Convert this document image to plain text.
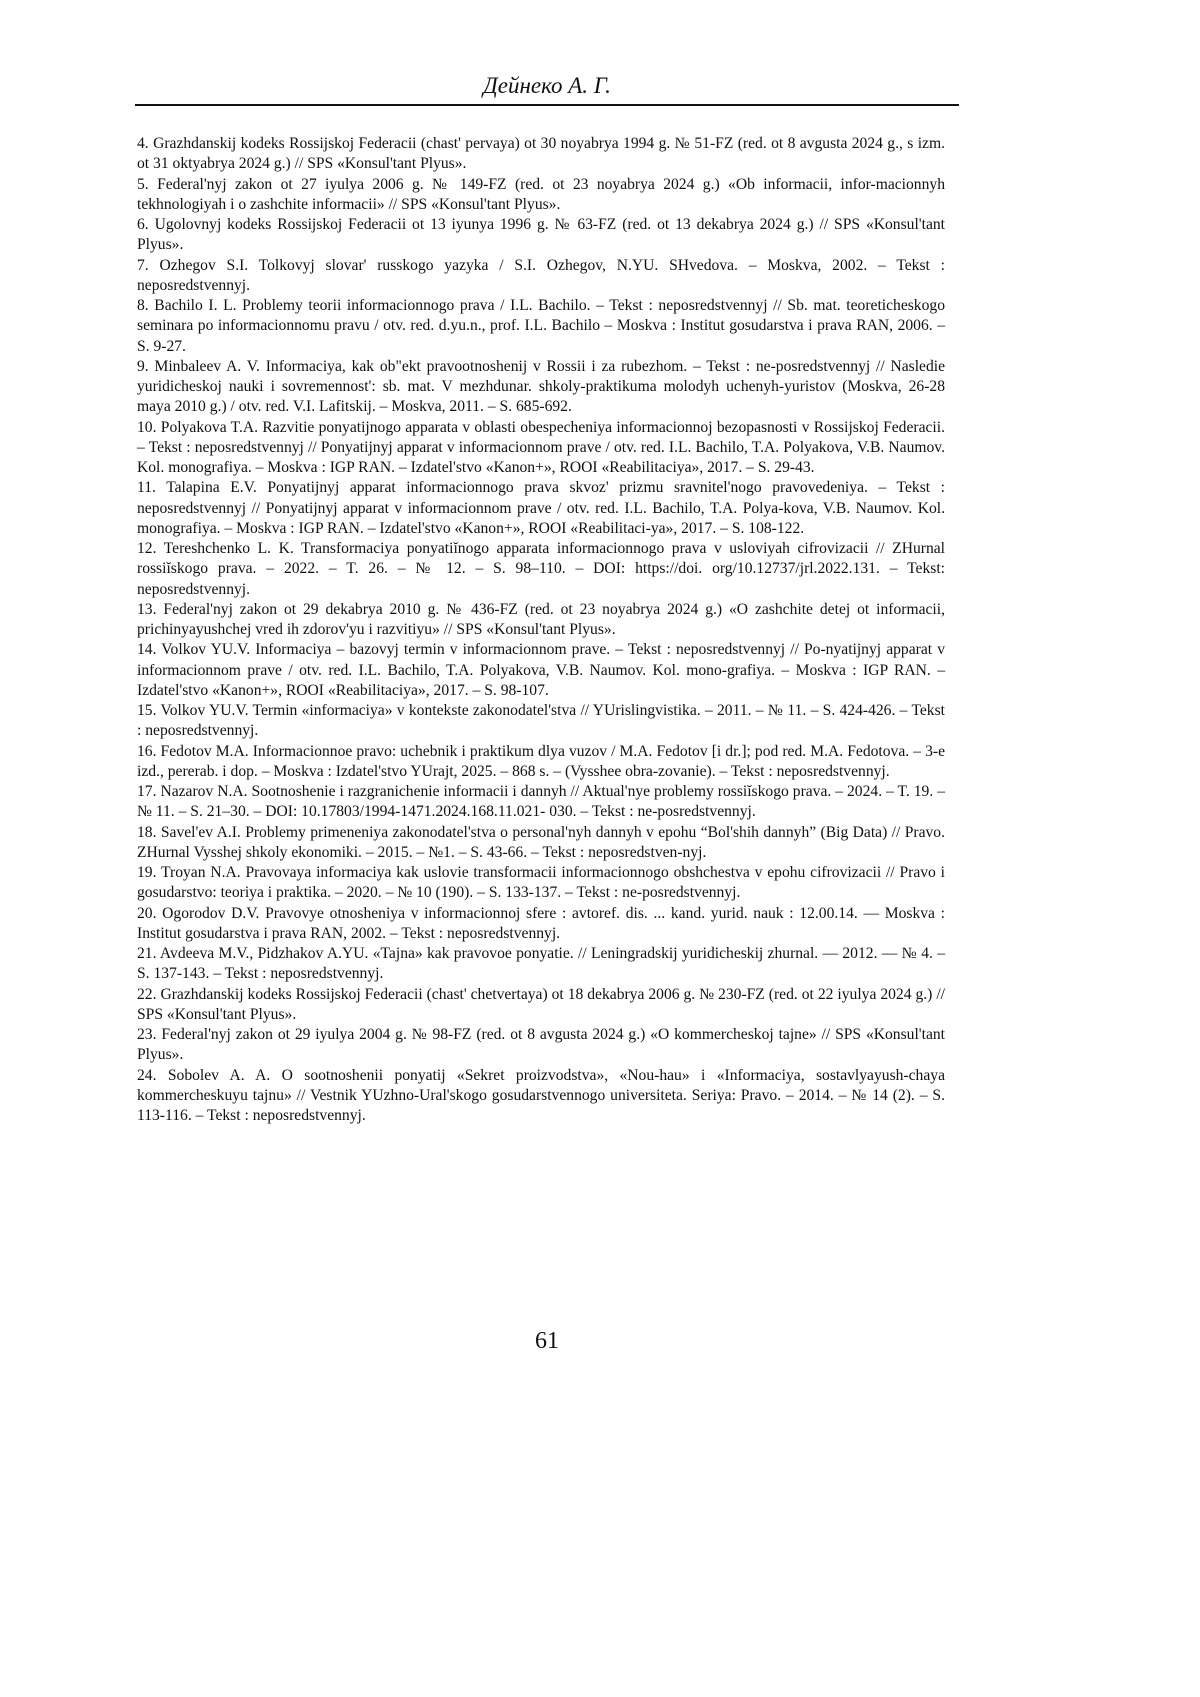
Дейнеко А. Г.
4. Grazhdanskij kodeks Rossijskoj Federacii (chast' pervaya) ot 30 noyabrya 1994 g. № 51-FZ (red. ot 8 avgusta 2024 g., s izm. ot 31 oktyabrya 2024 g.) // SPS «Konsul'tant Plyus».
5. Federal'nyj zakon ot 27 iyulya 2006 g. № 149-FZ (red. ot 23 noyabrya 2024 g.) «Ob informacii, infor-macionnyh tekhnologiyah i o zashchite informacii» // SPS «Konsul'tant Plyus».
6. Ugolovnyj kodeks Rossijskoj Federacii ot 13 iyunya 1996 g. № 63-FZ (red. ot 13 dekabrya 2024 g.) // SPS «Konsul'tant Plyus».
7. Ozhegov S.I. Tolkovyj slovar' russkogo yazyka / S.I. Ozhegov, N.YU. SHvedova. – Moskva, 2002. – Tekst : neposredstvennyj.
8. Bachilo I. L. Problemy teorii informacionnogo prava / I.L. Bachilo. – Tekst : neposredstvennyj // Sb. mat. teoreticheskogo seminara po informacionnomu pravu / otv. red. d.yu.n., prof. I.L. Bachilo – Moskva : Institut gosudarstva i prava RAN, 2006. – S. 9-27.
9. Minbaleev A. V. Informaciya, kak ob"ekt pravootnoshenij v Rossii i za rubezhom. – Tekst : ne-posredstvennyj // Nasledie yuridicheskoj nauki i sovremennost': sb. mat. V mezhdunar. shkoly-praktikuma molodyh uchenyh-yuristov (Moskva, 26-28 maya 2010 g.) / otv. red. V.I. Lafitskij. – Moskva, 2011. – S. 685-692.
10. Polyakova T.A. Razvitie ponyatijnogo apparata v oblasti obespecheniya informacionnoj bezopasnosti v Rossijskoj Federacii. – Tekst : neposredstvennyj // Ponyatijnyj apparat v informacionnom prave / otv. red. I.L. Bachilo, T.A. Polyakova, V.B. Naumov. Kol. monografiya. – Moskva : IGP RAN. – Izdatel'stvo «Kanon+», ROOI «Reabilitaciya», 2017. – S. 29-43.
11. Talapina E.V. Ponyatijnyj apparat informacionnogo prava skvoz' prizmu sravnitel'nogo pravovedeniya. – Tekst : neposredstvennyj // Ponyatijnyj apparat v informacionnom prave / otv. red. I.L. Bachilo, T.A. Polya-kova, V.B. Naumov. Kol. monografiya. – Moskva : IGP RAN. – Izdatel'stvo «Kanon+», ROOI «Reabilitaci-ya», 2017. – S. 108-122.
12. Tereshchenko L. K. Transformaciya ponyatiĭnogo apparata informacionnogo prava v usloviyah cifrovizacii // ZHurnal rossiĭskogo prava. – 2022. – T. 26. – № 12. – S. 98–110. – DOI: https://doi. org/10.12737/jrl.2022.131. – Tekst: neposredstvennyj.
13. Federal'nyj zakon ot 29 dekabrya 2010 g. № 436-FZ (red. ot 23 noyabrya 2024 g.) «O zashchite detej ot informacii, prichinyayushchej vred ih zdorov'yu i razvitiyu» // SPS «Konsul'tant Plyus».
14. Volkov YU.V. Informaciya – bazovyj termin v informacionnom prave. – Tekst : neposredstvennyj // Po-nyatijnyj apparat v informacionnom prave / otv. red. I.L. Bachilo, T.A. Polyakova, V.B. Naumov. Kol. mono-grafiya. – Moskva : IGP RAN. – Izdatel'stvo «Kanon+», ROOI «Reabilitaciya», 2017. – S. 98-107.
15. Volkov YU.V. Termin «informaciya» v kontekste zakonodatel'stva // YUrislingvistika. – 2011. – № 11. – S. 424-426. – Tekst : neposredstvennyj.
16. Fedotov M.A. Informacionnoe pravo: uchebnik i praktikum dlya vuzov / M.A. Fedotov [i dr.]; pod red. M.A. Fedotova. – 3-e izd., pererab. i dop. – Moskva : Izdatel'stvo YUrajt, 2025. – 868 s. – (Vysshee obra-zovanie). – Tekst : neposredstvennyj.
17. Nazarov N.A. Sootnoshenie i razgranichenie informacii i dannyh // Aktual'nye problemy rossiĭskogo prava. – 2024. – T. 19. – № 11. – S. 21–30. – DOI: 10.17803/1994-1471.2024.168.11.021- 030. – Tekst : ne-posredstvennyj.
18. Savel'ev A.I. Problemy primeneniya zakonodatel'stva o personal'nyh dannyh v epohu “Bol'shih dannyh” (Big Data) // Pravo. ZHurnal Vysshej shkoly ekonomiki. – 2015. – №1. – S. 43-66. – Tekst : neposredstven-nyj.
19. Troyan N.A. Pravovaya informaciya kak uslovie transformacii informacionnogo obshchestva v epohu cifrovizacii // Pravo i gosudarstvo: teoriya i praktika. – 2020. – № 10 (190). – S. 133-137. – Tekst : ne-posredstvennyj.
20. Ogorodov D.V. Pravovye otnosheniya v informacionnoj sfere : avtoref. dis. ... kand. yurid. nauk : 12.00.14. — Moskva : Institut gosudarstva i prava RAN, 2002. – Tekst : neposredstvennyj.
21. Avdeeva M.V., Pidzhakov A.YU. «Tajna» kak pravovoe ponyatie. // Leningradskij yuridicheskij zhurnal. — 2012. — № 4. – S. 137-143. – Tekst : neposredstvennyj.
22. Grazhdanskij kodeks Rossijskoj Federacii (chast' chetvertaya) ot 18 dekabrya 2006 g. № 230-FZ (red. ot 22 iyulya 2024 g.) // SPS «Konsul'tant Plyus».
23. Federal'nyj zakon ot 29 iyulya 2004 g. № 98-FZ (red. ot 8 avgusta 2024 g.) «O kommercheskoj tajne» // SPS «Konsul'tant Plyus».
24. Sobolev A. A. O sootnoshenii ponyatij «Sekret proizvodstva», «Nou-hau» i «Informaciya, sostavlyayush-chaya kommercheskuyu tajnu» // Vestnik YUzhno-Ural'skogo gosudarstvennogo universiteta. Seriya: Pravo. – 2014. – № 14 (2). – S. 113-116. – Tekst : neposredstvennyj.
61
